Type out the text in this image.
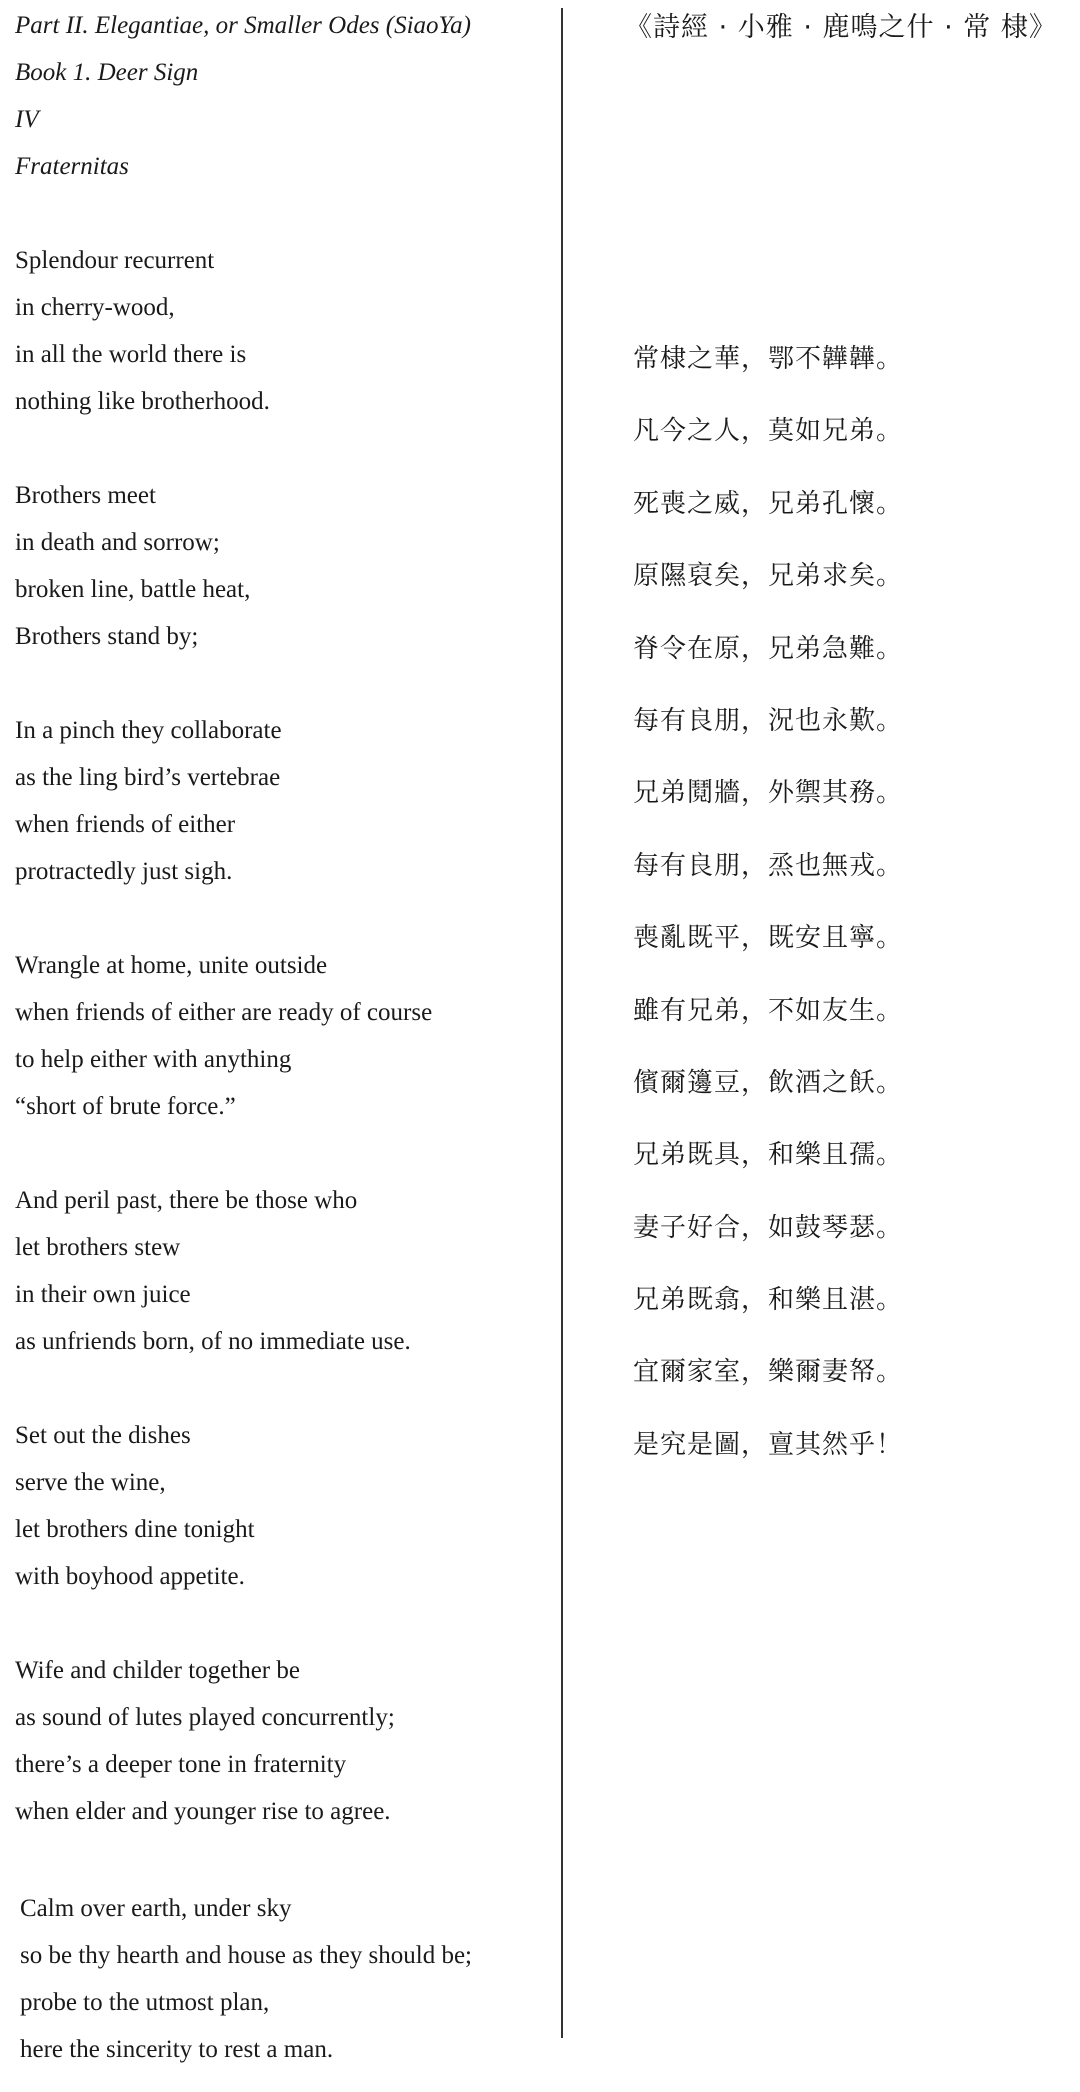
Part II. Elegantiae, or Smaller Odes (SiaoYa)
Book 1. Deer Sign
IV
Fraternitas
Splendour recurrent
in cherry-wood,
in all the world there is
nothing like brotherhood.
Brothers meet
in death and sorrow;
broken line, battle heat,
Brothers stand by;
In a pinch they collaborate
as the ling bird’s vertebrae
when friends of either
protractedly just sigh.
Wrangle at home, unite outside
when friends of either are ready of course
to help either with anything
“short of brute force.”
And peril past, there be those who
let brothers stew
in their own juice
as unfriends born, of no immediate use.
Set out the dishes
serve the wine,
let brothers dine tonight
with boyhood appetite.
Wife and childer together be
as sound of lutes played concurrently;
there’s a deeper tone in fraternity
when elder and younger rise to agree.
Calm over earth, under sky
so be thy hearth and house as they should be;
probe to the utmost plan,
here the sincerity to rest a man.
《詩經 · 小雅 · 鹿鳴之什 · 常 棣》
常棣之華，鄂不韡韡。
凡今之人，莫如兄弟。
死喪之威，兄弟孔懷。
原隰裒矣，兄弟求矣。
脊令在原，兄弟急難。
每有良朋，況也永歎。
兄弟鬩牆，外禦其務。
每有良朋，烝也無戎。
喪亂既平，既安且寧。
雖有兄弟，不如友生。
儐爾籩豆，飲酒之飫。
兄弟既具，和樂且孺。
妻子好合，如鼓琴瑟。
兄弟既翕，和樂且湛。
宜爾家室，樂爾妻帑。
是究是圖，亶其然乎！
